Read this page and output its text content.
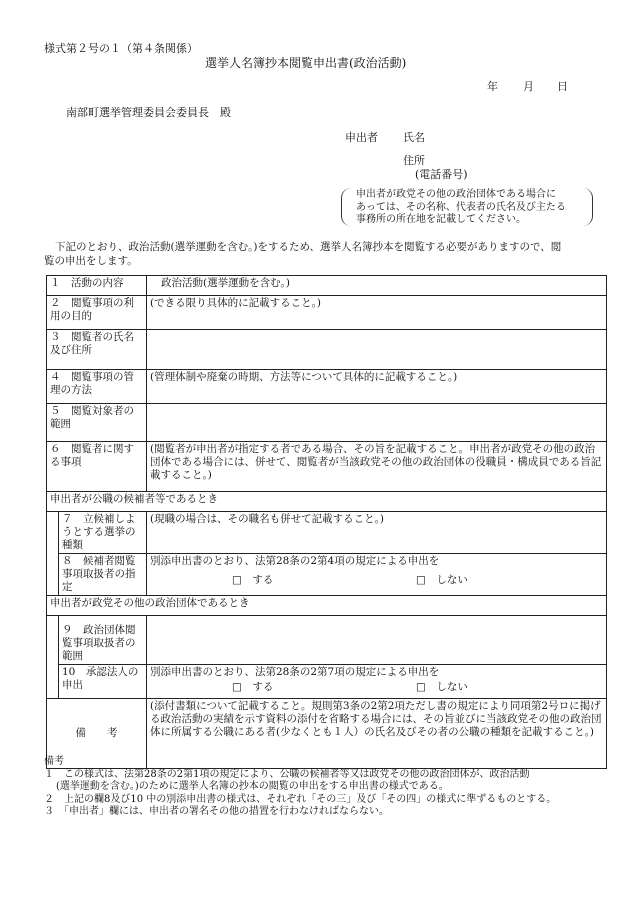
様式第２号の１（第４条関係）
選挙人名簿抄本閲覧申出書(政治活動)
年 月 日
南部町選挙管理委員会委員長　殿
申出者 氏名
住所
(電話番号)
申出者が政党その他の政治団体である場合に
あっては、その名称、代表者の氏名及び主たる
事務所の所在地を記載してください。
下記のとおり、政治活動(選挙運動を含む。)をするため、選挙人名簿抄本を閲覧する必要がありますので、閲
覧の申出をします。
１　活動の内容		政治活動(選挙運動を含む。)
２　閲覧事項の利用の目的		(できる限り具体的に記載すること。)
３　閲覧者の氏名及び住所		
４　閲覧事項の管理の方法		(管理体制や廃棄の時期、方法等について具体的に記載すること。)
５　閲覧対象者の範囲		
６　閲覧者に関する事項		(閲覧者が申出者が指定する者である場合、その旨を記載すること。申出者が政党その他の政治団体である場合には、併せて、閲覧者が当該政党その他の政治団体の役職員・構成員である旨記載すること。)
申出者が公職の候補者等であるとき		
	７　立候補しようとする選挙の種類	(現職の場合は、その職名も併せて記載すること。)
	８　候補者閲覧事項取扱者の指定	別添申出書のとおり、法第28条の2第4項の規定による申出を
□　する □　しない

申出者が政党その他の政治団体であるとき		
	９　政治団体閲覧事項取扱者の範囲	
	10　承認法人の申出	別添申出書のとおり、法第28条の2第7項の規定による申出を
□　する □　しない

備　　考		(添付書類について記載すること。規則第3条の2第2項ただし書の規定により同項第2号ロに掲げる政治活動の実績を示す資料の添付を省略する場合には、その旨並びに当該政党その他の政治団体に所属する公職にある者(少なくとも１人）の氏名及びその者の公職の種類を記載すること。)
備考
１　この様式は、法第28条の2第1項の規定により、公職の候補者等又は政党その他の政治団体が、政治活動
(選挙運動を含む。)のために選挙人名簿の抄本の閲覧の申出をする申出書の様式である。
２　上記の欄8及び10 中の別添申出書の様式は、それぞれ「その三」及び「その四」の様式に準ずるものとする。
３　「申出者」欄には、申出者の署名その他の措置を行わなければならない。
